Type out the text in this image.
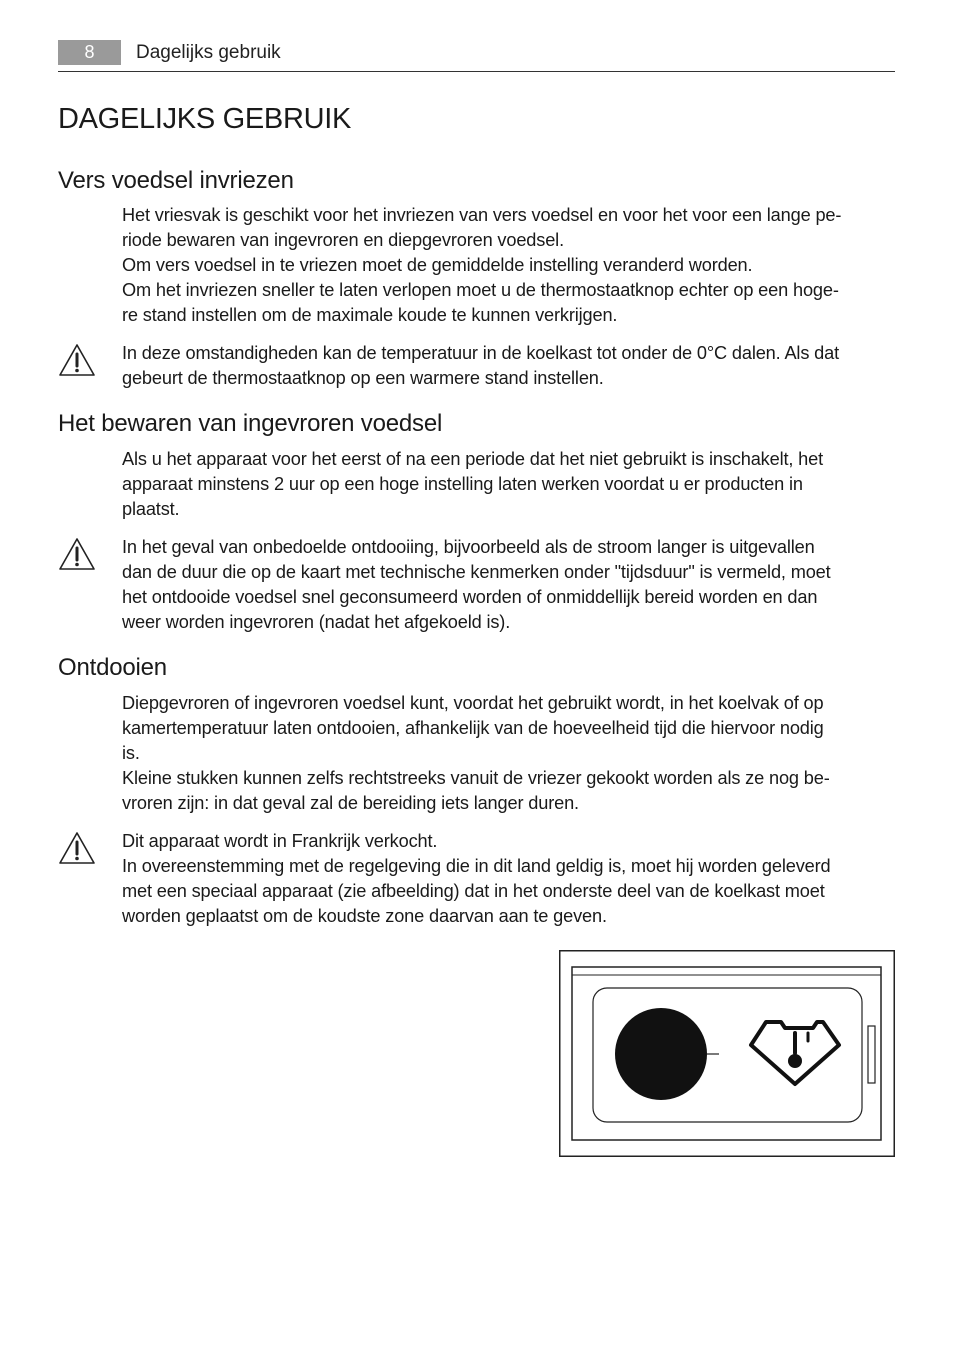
8	Dagelijks gebruik
DAGELIJKS GEBRUIK
Vers voedsel invriezen
Het vriesvak is geschikt voor het invriezen van vers voedsel en voor het voor een lange pe-
riode bewaren van ingevroren en diepgevroren voedsel.
Om vers voedsel in te vriezen moet de gemiddelde instelling veranderd worden.
Om het invriezen sneller te laten verlopen moet u de thermostaatknop echter op een hoge-
re stand instellen om de maximale koude te kunnen verkrijgen.
In deze omstandigheden kan de temperatuur in de koelkast tot onder de 0°C dalen. Als dat
gebeurt de thermostaatknop op een warmere stand instellen.
Het bewaren van ingevroren voedsel
Als u het apparaat voor het eerst of na een periode dat het niet gebruikt is inschakelt, het
apparaat minstens 2 uur op een hoge instelling laten werken voordat u er producten in
plaatst.
In het geval van onbedoelde ontdooiing, bijvoorbeeld als de stroom langer is uitgevallen
dan de duur die op de kaart met technische kenmerken onder "tijdsduur" is vermeld, moet
het ontdooide voedsel snel geconsumeerd worden of onmiddellijk bereid worden en dan
weer worden ingevroren (nadat het afgekoeld is).
Ontdooien
Diepgevroren of ingevroren voedsel kunt, voordat het gebruikt wordt, in het koelvak of op
kamertemperatuur laten ontdooien, afhankelijk van de hoeveelheid tijd die hiervoor nodig
is.
Kleine stukken kunnen zelfs rechtstreeks vanuit de vriezer gekookt worden als ze nog be-
vroren zijn: in dat geval zal de bereiding iets langer duren.
Dit apparaat wordt in Frankrijk verkocht.
In overeenstemming met de regelgeving die in dit land geldig is, moet hij worden geleverd
met een speciaal apparaat (zie afbeelding) dat in het onderste deel van de koelkast moet
worden geplaatst om de koudste zone daarvan aan te geven.
